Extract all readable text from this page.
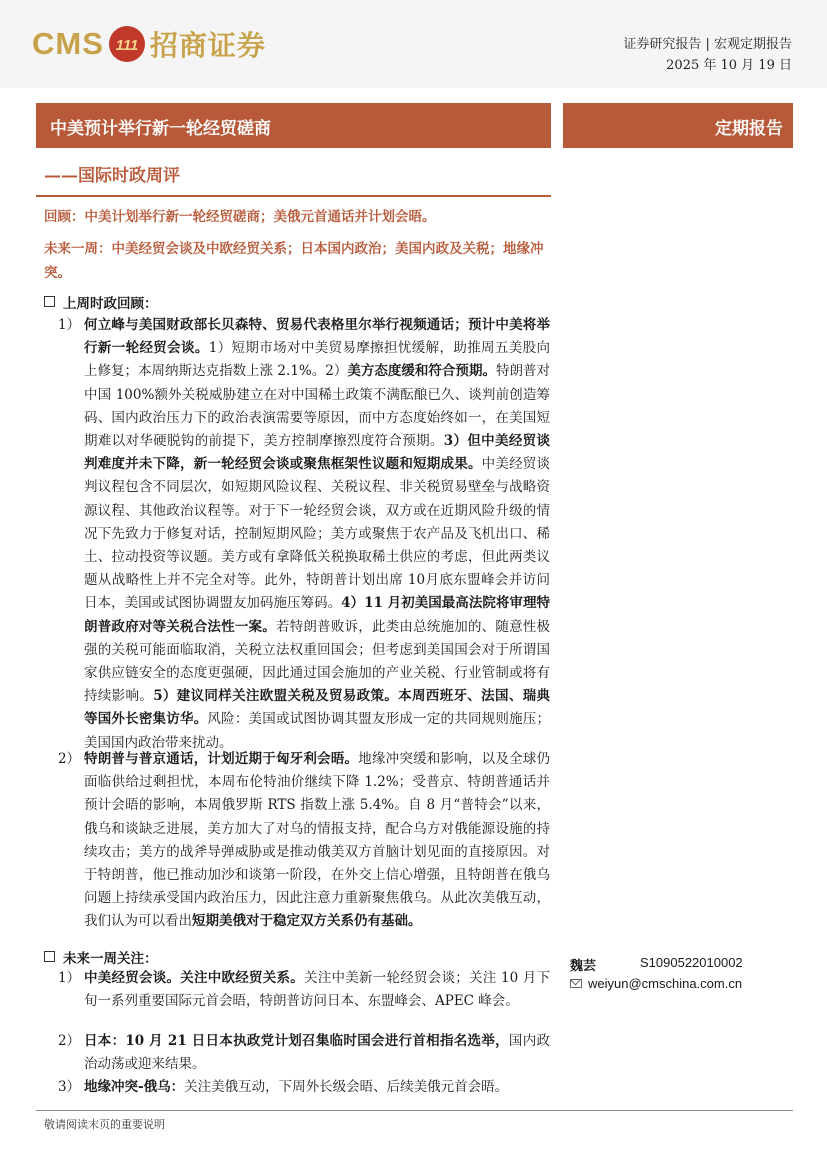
CMS 111 招商证券	证券研究报告 | 宏观定期报告
2025 年 10 月 19 日
中美预计举行新一轮经贸磋商	定期报告
——国际时政周评
回顾：中美计划举行新一轮经贸磋商；美俄元首通话并计划会晤。
未来一周：中美经贸会谈及中欧经贸关系；日本国内政治；美国内政及关税；地缘冲突。
上周时政回顾：
1） 何立峰与美国财政部长贝森特、贸易代表格里尔举行视频通话；预计中美将举行新一轮经贸会谈。1）短期市场对中美贸易摩擦担忧缓解，助推周五美股向上修复；本周纳斯达克指数上涨 2.1%。2）美方态度缓和符合预期。特朗普对中国 100%额外关税威胁建立在对中国稀土政策不满酝酿已久、谈判前创造筹码、国内政治压力下的政治表演需要等原因，而中方态度始终如一，在美国短期难以对华硬脱钩的前提下，美方控制摩擦烈度符合预期。3）但中美经贸谈判难度并未下降，新一轮经贸会谈或聚焦框架性议题和短期成果。中美经贸谈判议程包含不同层次，如短期风险议程、关税议程、非关税贸易壁垒与战略资源议程、其他政治议程等。对于下一轮经贸会谈，双方或在近期风险升级的情况下先致力于修复对话，控制短期风险；美方或聚焦于农产品及飞机出口、稀土、拉动投资等议题。美方或有拿降低关税换取稀土供应的考虑，但此两类议题从战略性上并不完全对等。此外，特朗普计划出席 10月底东盟峰会并访问日本，美国或试图协调盟友加码施压筹码。4）11 月初美国最高法院将审理特朗普政府对等关税合法性一案。若特朗普败诉，此类由总统施加的、随意性极强的关税可能面临取消，关税立法权重回国会；但考虑到美国国会对于所谓国家供应链安全的态度更强硬，因此通过国会施加的产业关税、行业管制或将有持续影响。5）建议同样关注欧盟关税及贸易政策。本周西班牙、法国、瑞典等国外长密集访华。风险：美国或试图协调其盟友形成一定的共同规则施压；美国国内政治带来扰动。
2） 特朗普与普京通话，计划近期于匈牙利会晤。地缘冲突缓和影响，以及全球仍面临供给过剩担忧，本周布伦特油价继续下降 1.2%；受普京、特朗普通话并预计会晤的影响，本周俄罗斯 RTS 指数上涨 5.4%。自 8 月“普特会”以来，俄乌和谈缺乏进展，美方加大了对乌的情报支持，配合乌方对俄能源设施的持续攻击；美方的战斧导弹威胁或是推动俄美双方首脑计划见面的直接原因。对于特朗普，他已推动加沙和谈第一阶段，在外交上信心增强，且特朗普在俄乌问题上持续承受国内政治压力，因此注意力重新聚焦俄乌。从此次美俄互动，我们认为可以看出短期美俄对于稳定双方关系仍有基础。
未来一周关注：
1） 中美经贸会谈。关注中欧经贸关系。关注中美新一轮经贸会谈；关注 10 月下旬一系列重要国际元首会晤，特朗普访问日本、东盟峰会、APEC 峰会。
2） 日本：10 月 21 日日本执政党计划召集临时国会进行首相指名选举，国内政治动荡或迎来结果。
3） 地缘冲突-俄乌：关注美俄互动，下周外长级会晤、后续美俄元首会晤。
魏芸	S1090522010002
weiyun@cmschina.com.cn
敬请阅读末页的重要说明
